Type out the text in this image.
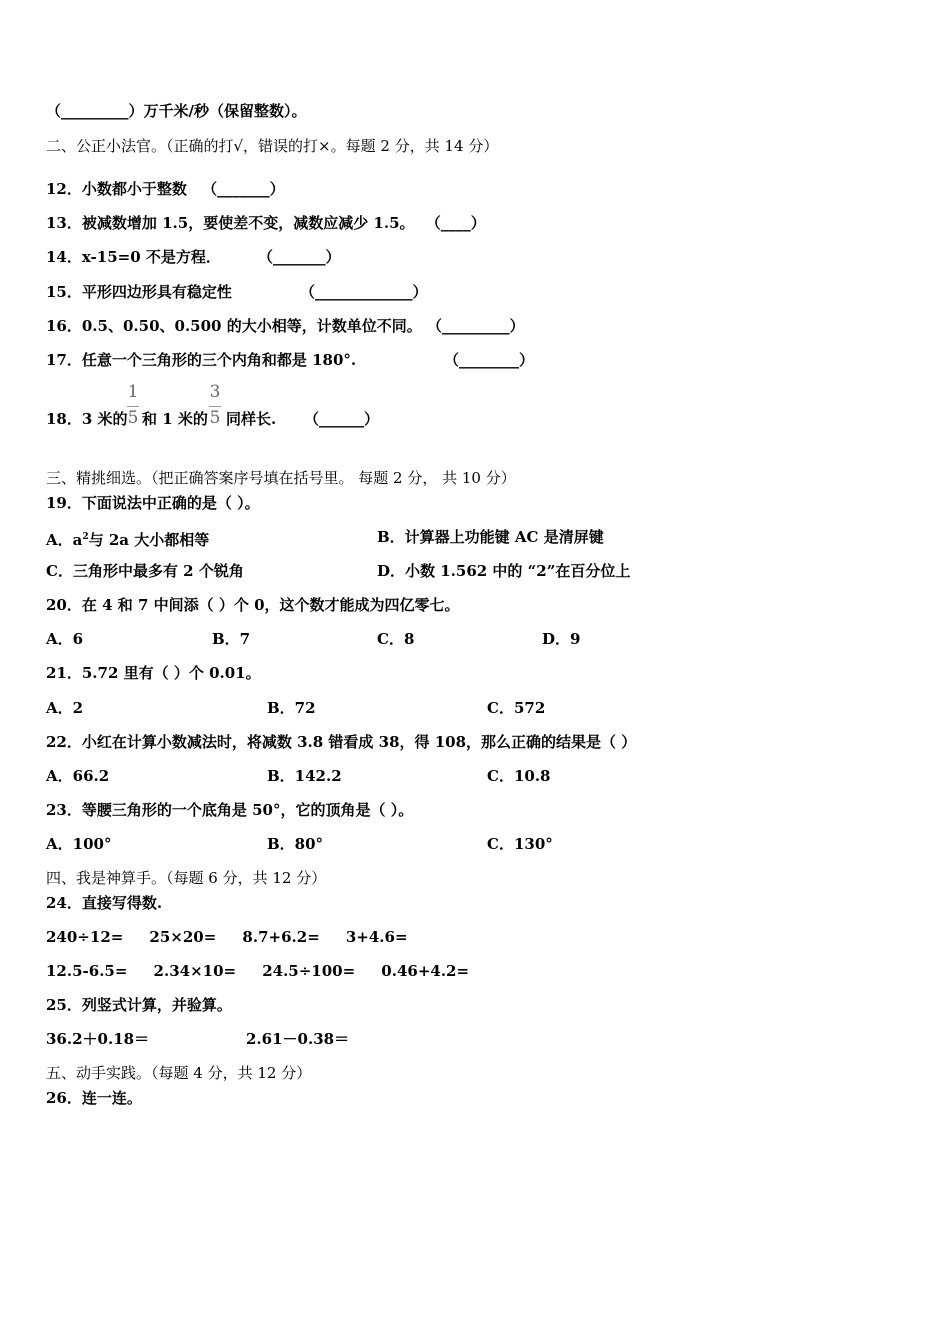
（_________）万千米/秒（保留整数）。
二、公正小法官。（正确的打√，错误的打×。每题 2 分，共 14 分）
12．小数都小于整数 （_______）
13．被减数增加 1.5，要使差不变，减数应减少 1.5。 （____）
14．x-15=0 不是方程． （_______）
15．平形四边形具有稳定性	（_____________）
16．0.5、0.50、0.500 的大小相等，计数单位不同。 （_________）
17．任意一个三角形的三个内角和都是 180°.	（________）
18．3 米的
1
5 和 1 米的
3
5 同样长. （______）
三、精挑细选。（把正确答案序号填在括号里。 每题 2 分， 共 10 分）
19．下面说法中正确的是（ ）。
A．$a^2$与 2a 大小都相等	B．计算器上功能键 AC 是清屏键
C．三角形中最多有 2 个锐角	D．小数 1.562 中的 “2”在百分位上
20．在 4 和 7 中间添（ ）个 0，这个数才能成为四亿零七。
A．6	B．7	C．8	D．9
21．5.72 里有（ ）个 0.01。
A．2	B．72	C．572
22．小红在计算小数减法时，将减数 3.8 错看成 38，得 108，那么正确的结果是（ ）
A．66.2	B．142.2	C．10.8
23．等腰三角形的一个底角是 50°，它的顶角是（ ）。
A．100°	B．80°	C．130°
四、我是神算手。（每题 6 分，共 12 分）
24．直接写得数.
240÷12=     25×20=     8.7+6.2=     3+4.6=
12.5-6.5=     2.34×10=     24.5÷100=     0.46+4.2=
25．列竖式计算，并验算。
36.2＋0.18＝	2.61－0.38＝
五、动手实践。（每题 4 分，共 12 分）
26．连一连。
